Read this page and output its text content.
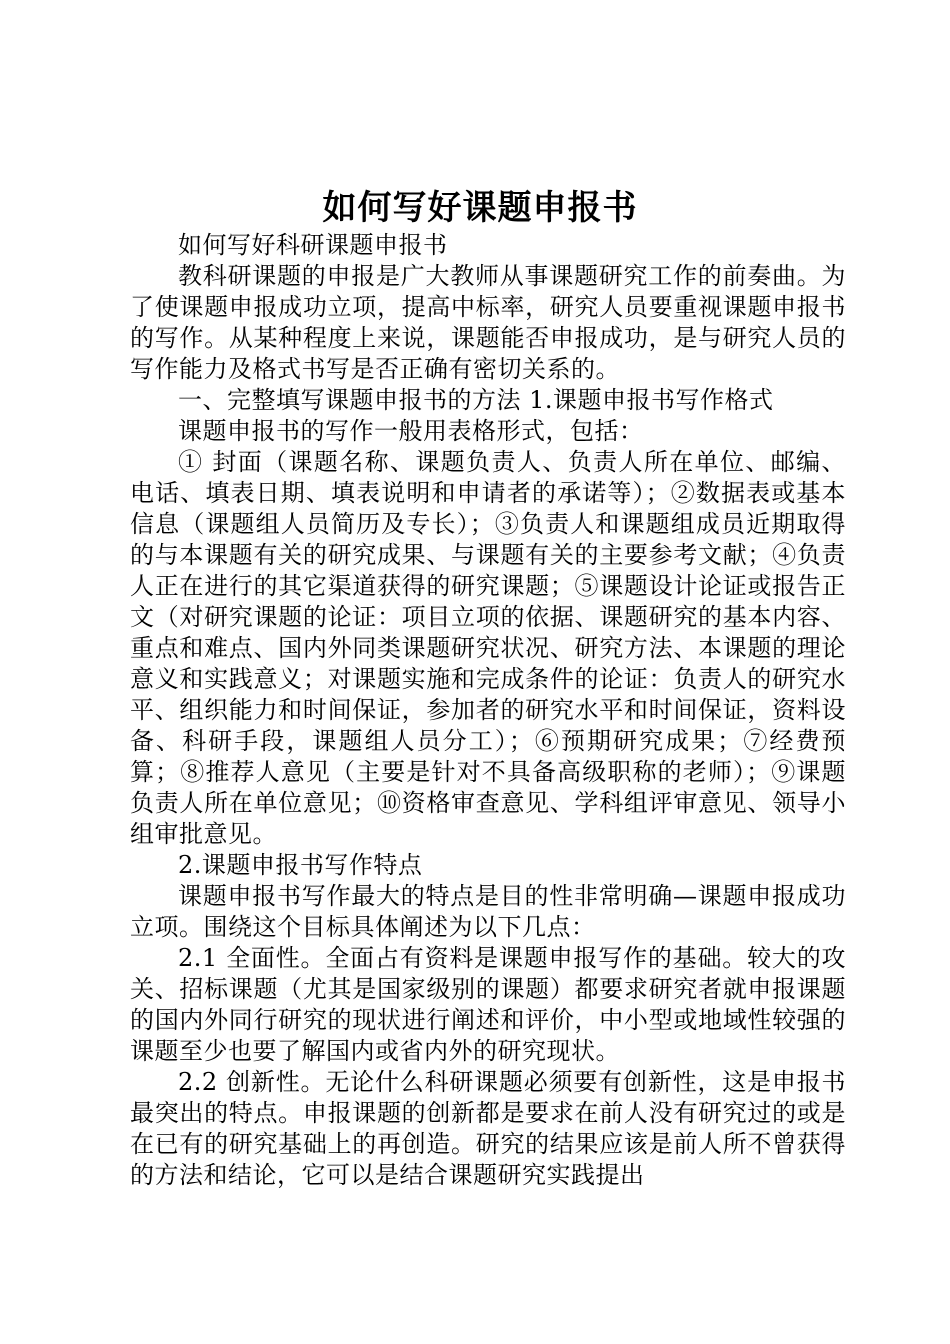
如何写好课题申报书

如何写好科研课题申报书

教科研课题的申报是广大教师从事课题研究工作的前奏曲。为了使课题申报成功立项，提高中标率，研究人员要重视课题申报书的写作。从某种程度上来说，课题能否申报成功，是与研究人员的写作能力及格式书写是否正确有密切关系的。

一、完整填写课题申报书的方法 1.课题申报书写作格式

课题申报书的写作一般用表格形式，包括：

① 封面（课题名称、课题负责人、负责人所在单位、邮编、电话、填表日期、填表说明和申请者的承诺等）；②数据表或基本信息（课题组人员简历及专长）；③负责人和课题组成员近期取得的与本课题有关的研究成果、与课题有关的主要参考文献；④负责人正在进行的其它渠道获得的研究课题；⑤课题设计论证或报告正文（对研究课题的论证：项目立项的依据、课题研究的基本内容、重点和难点、国内外同类课题研究状况、研究方法、本课题的理论意义和实践意义；对课题实施和完成条件的论证：负责人的研究水平、组织能力和时间保证，参加者的研究水平和时间保证，资料设备、科研手段，课题组人员分工）；⑥预期研究成果；⑦经费预算；⑧推荐人意见（主要是针对不具备高级职称的老师）；⑨课题负责人所在单位意见；⑩资格审查意见、学科组评审意见、领导小组审批意见。

2.课题申报书写作特点

课题申报书写作最大的特点是目的性非常明确—课题申报成功立项。围绕这个目标具体阐述为以下几点：

2.1 全面性。全面占有资料是课题申报写作的基础。较大的攻关、招标课题（尤其是国家级别的课题）都要求研究者就申报课题的国内外同行研究的现状进行阐述和评价，中小型或地域性较强的课题至少也要了解国内或省内外的研究现状。

2.2 创新性。无论什么科研课题必须要有创新性，这是申报书最突出的特点。申报课题的创新都是要求在前人没有研究过的或是在已有的研究基础上的再创造。研究的结果应该是前人所不曾获得的方法和结论，它可以是结合课题研究实践提出
